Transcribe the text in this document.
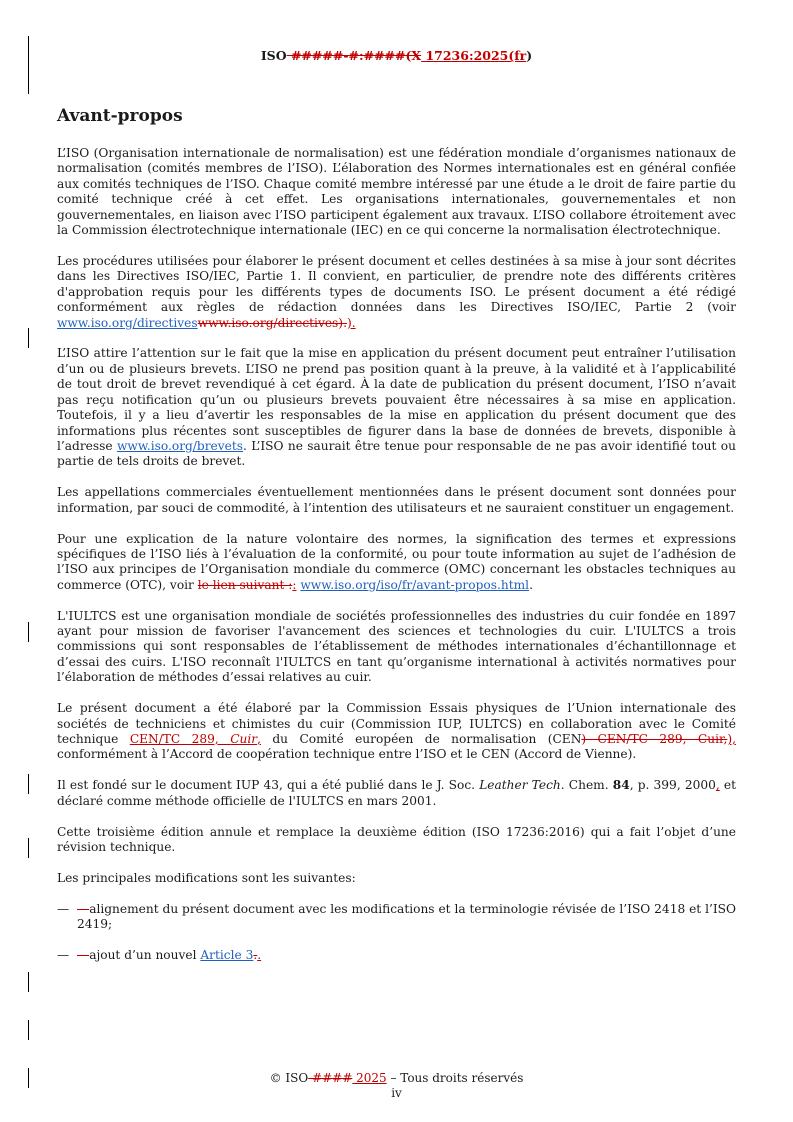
ISO #####-#:####(X 17236:2025(fr)
Avant-propos

L’ISO (Organisation internationale de normalisation) est une fédération mondiale d’organismes nationaux de normalisation (comités membres de l’ISO). L’élaboration des Normes internationales est en général confiée aux comités techniques de l’ISO. Chaque comité membre intéressé par une étude a le droit de faire partie du comité technique créé à cet effet. Les organisations internationales, gouvernementales et non gouvernementales, en liaison avec l’ISO participent également aux travaux. L’ISO collabore étroitement avec la Commission électrotechnique internationale (IEC) en ce qui concerne la normalisation électrotechnique.

Les procédures utilisées pour élaborer le présent document et celles destinées à sa mise à jour sont décrites dans les Directives ISO/IEC, Partie 1. Il convient, en particulier, de prendre note des différents critères d'approbation requis pour les différents types de documents ISO. Le présent document a été rédigé conformément aux règles de rédaction données dans les Directives ISO/IEC, Partie 2 (voir www.iso.org/directiveswww.iso.org/directives).).

L’ISO attire l’attention sur le fait que la mise en application du présent document peut entraîner l’utilisation d’un ou de plusieurs brevets. L’ISO ne prend pas position quant à la preuve, à la validité et à l’applicabilité de tout droit de brevet revendiqué à cet égard. À la date de publication du présent document, l’ISO n’avait pas reçu notification qu’un ou plusieurs brevets pouvaient être nécessaires à sa mise en application. Toutefois, il y a lieu d’avertir les responsables de la mise en application du présent document que des informations plus récentes sont susceptibles de figurer dans la base de données de brevets, disponible à l’adresse www.iso.org/brevets. L’ISO ne saurait être tenue pour responsable de ne pas avoir identifié tout ou partie de tels droits de brevet.

Les appellations commerciales éventuellement mentionnées dans le présent document sont données pour information, par souci de commodité, à l’intention des utilisateurs et ne sauraient constituer un engagement.

Pour une explication de la nature volontaire des normes, la signification des termes et expressions spécifiques de l’ISO liés à l’évaluation de la conformité, ou pour toute information au sujet de l’adhésion de l’ISO aux principes de l’Organisation mondiale du commerce (OMC) concernant les obstacles techniques au commerce (OTC), voir le lien suivant :: www.iso.org/iso/fr/avant-propos.html.

L'IULTCS est une organisation mondiale de sociétés professionnelles des industries du cuir fondée en 1897 ayant pour mission de favoriser l'avancement des sciences et technologies du cuir. L'IULTCS a trois commissions qui sont responsables de l’établissement de méthodes internationales d’échantillonnage et d’essai des cuirs. L'ISO reconnaît l'IULTCS en tant qu’organisme international à activités normatives pour l’élaboration de méthodes d’essai relatives au cuir.

Le présent document a été élaboré par la Commission Essais physiques de l’Union internationale des sociétés de techniciens et chimistes du cuir (Commission IUP, IULTCS) en collaboration avec le Comité technique CEN/TC 289, Cuir, du Comité européen de normalisation (CEN) CEN/TC 289, Cuir,), conformément à l’Accord de coopération technique entre l’ISO et le CEN (Accord de Vienne).

Il est fondé sur le document IUP 43, qui a été publié dans le J. Soc. Leather Tech. Chem. 84, p. 399, 2000, et déclaré comme méthode officielle de l'IULTCS en mars 2001.

Cette troisième édition annule et remplace la deuxième édition (ISO 17236:2016) qui a fait l’objet d’une révision technique.

Les principales modifications sont les suivantes:

— —alignement du présent document avec les modifications et la terminologie révisée de l’ISO 2418 et l’ISO 2419;
— —ajout d’un nouvel Article 3..
© ISO #### 2025 – Tous droits réservés
iv
